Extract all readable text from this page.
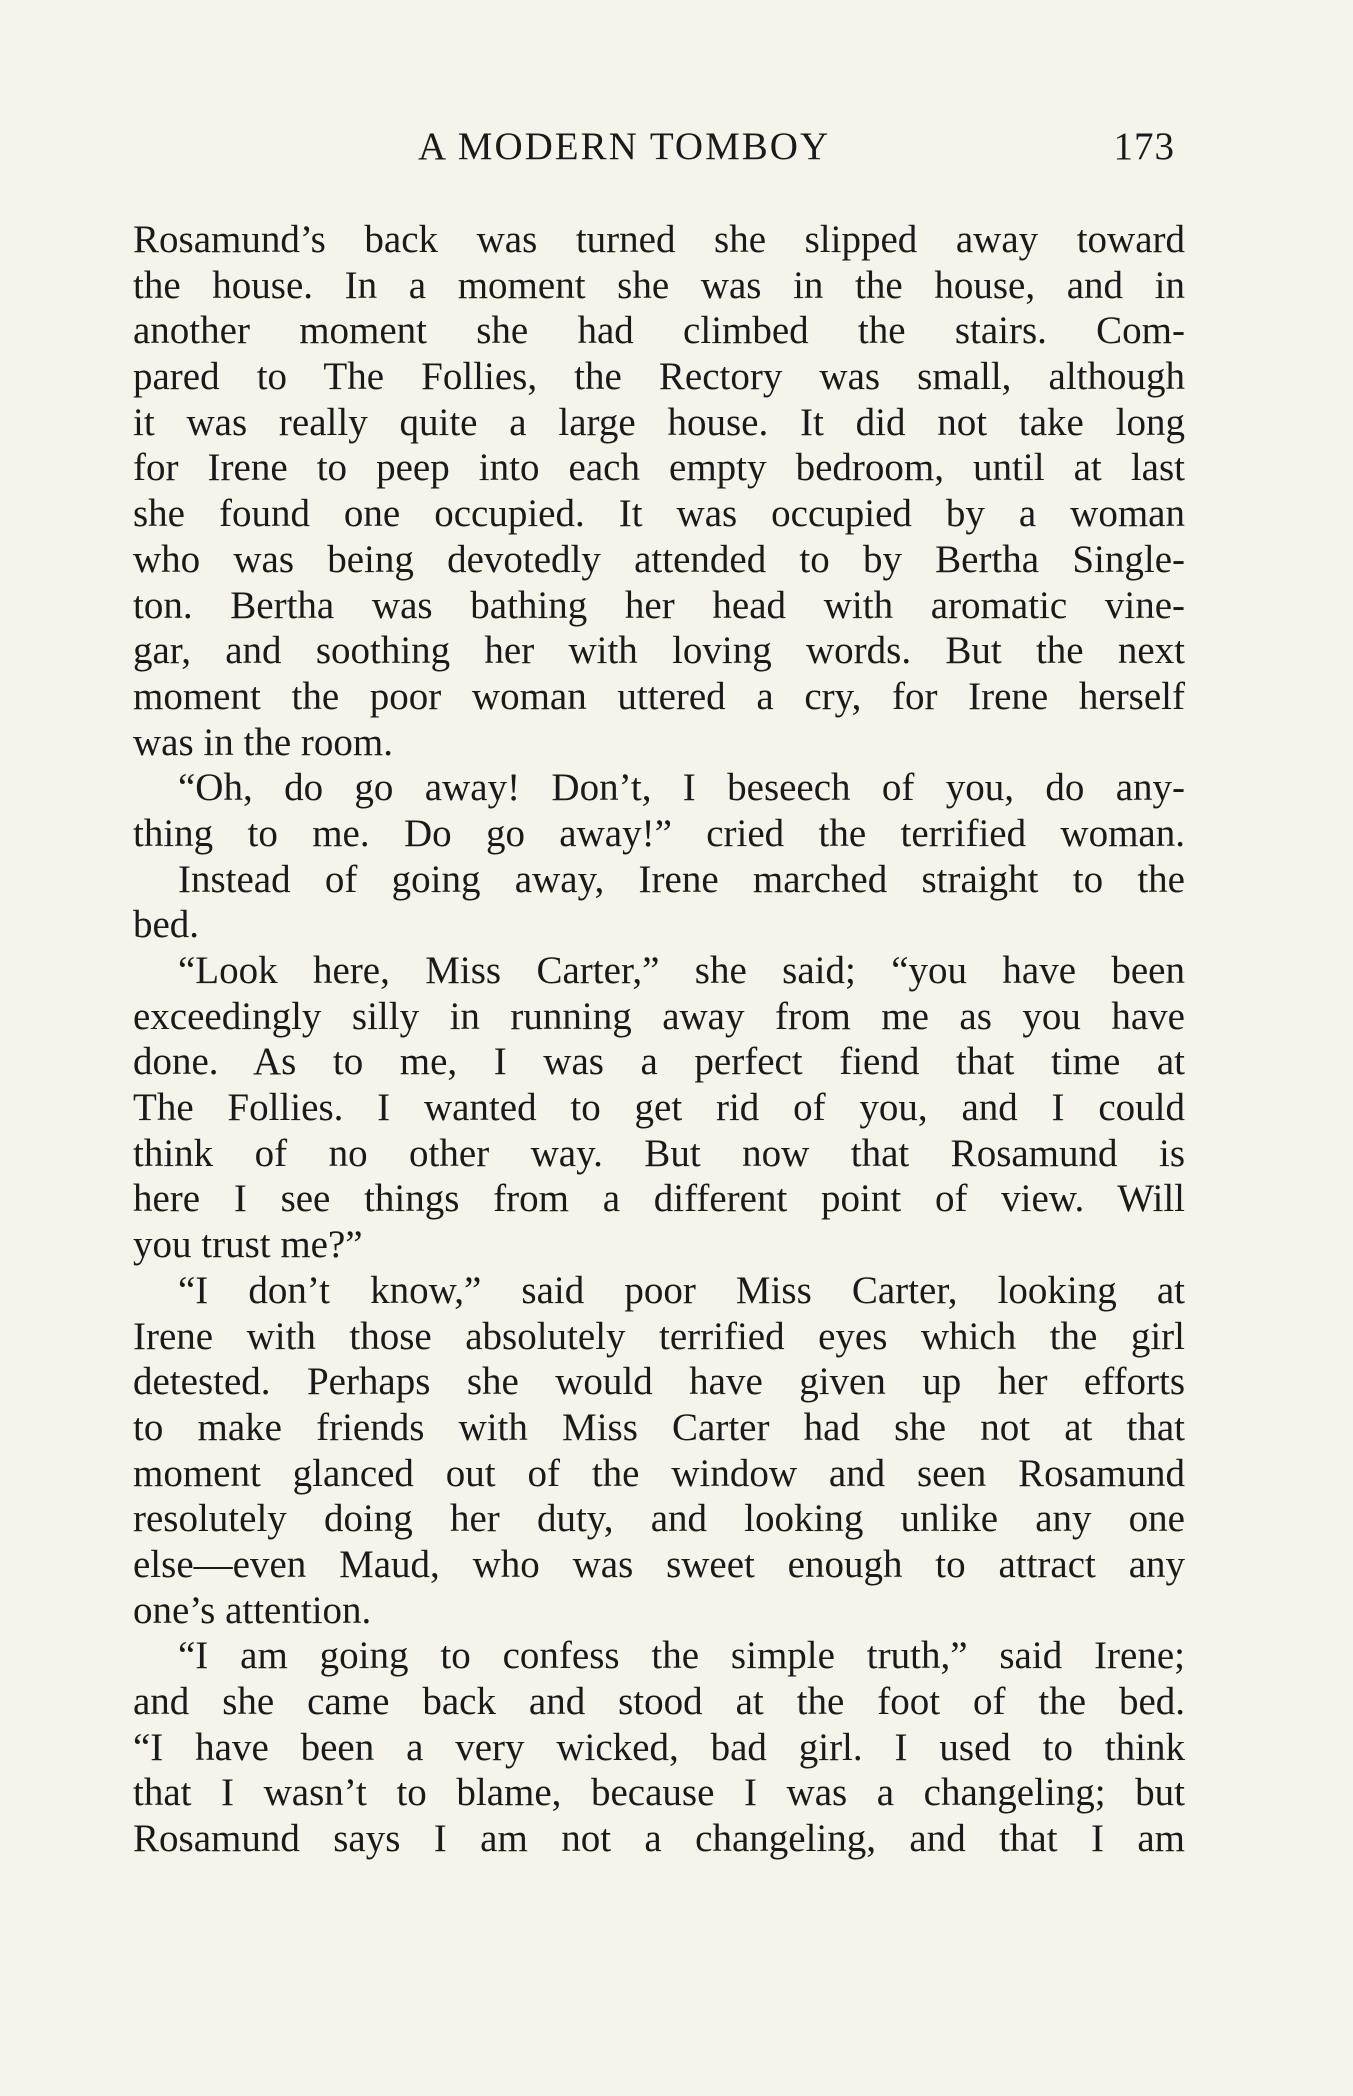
A MODERN TOMBOY	173
Rosamund’s back was turned she slipped away toward
the house. In a moment she was in the house, and in
another moment she had climbed the stairs. Com-
pared to The Follies, the Rectory was small, although
it was really quite a large house. It did not take long
for Irene to peep into each empty bedroom, until at last
she found one occupied. It was occupied by a woman
who was being devotedly attended to by Bertha Single-
ton. Bertha was bathing her head with aromatic vine-
gar, and soothing her with loving words. But the next
moment the poor woman uttered a cry, for Irene herself
was in the room.
“Oh, do go away! Don’t, I beseech of you, do any-
thing to me. Do go away!” cried the terrified woman.
Instead of going away, Irene marched straight to the
bed.
“Look here, Miss Carter,” she said; “you have been
exceedingly silly in running away from me as you have
done. As to me, I was a perfect fiend that time at
The Follies. I wanted to get rid of you, and I could
think of no other way. But now that Rosamund is
here I see things from a different point of view. Will
you trust me?”
“I don’t know,” said poor Miss Carter, looking at
Irene with those absolutely terrified eyes which the girl
detested. Perhaps she would have given up her efforts
to make friends with Miss Carter had she not at that
moment glanced out of the window and seen Rosamund
resolutely doing her duty, and looking unlike any one
else—even Maud, who was sweet enough to attract any
one’s attention.
“I am going to confess the simple truth,” said Irene;
and she came back and stood at the foot of the bed.
“I have been a very wicked, bad girl. I used to think
that I wasn’t to blame, because I was a changeling; but
Rosamund says I am not a changeling, and that I am
